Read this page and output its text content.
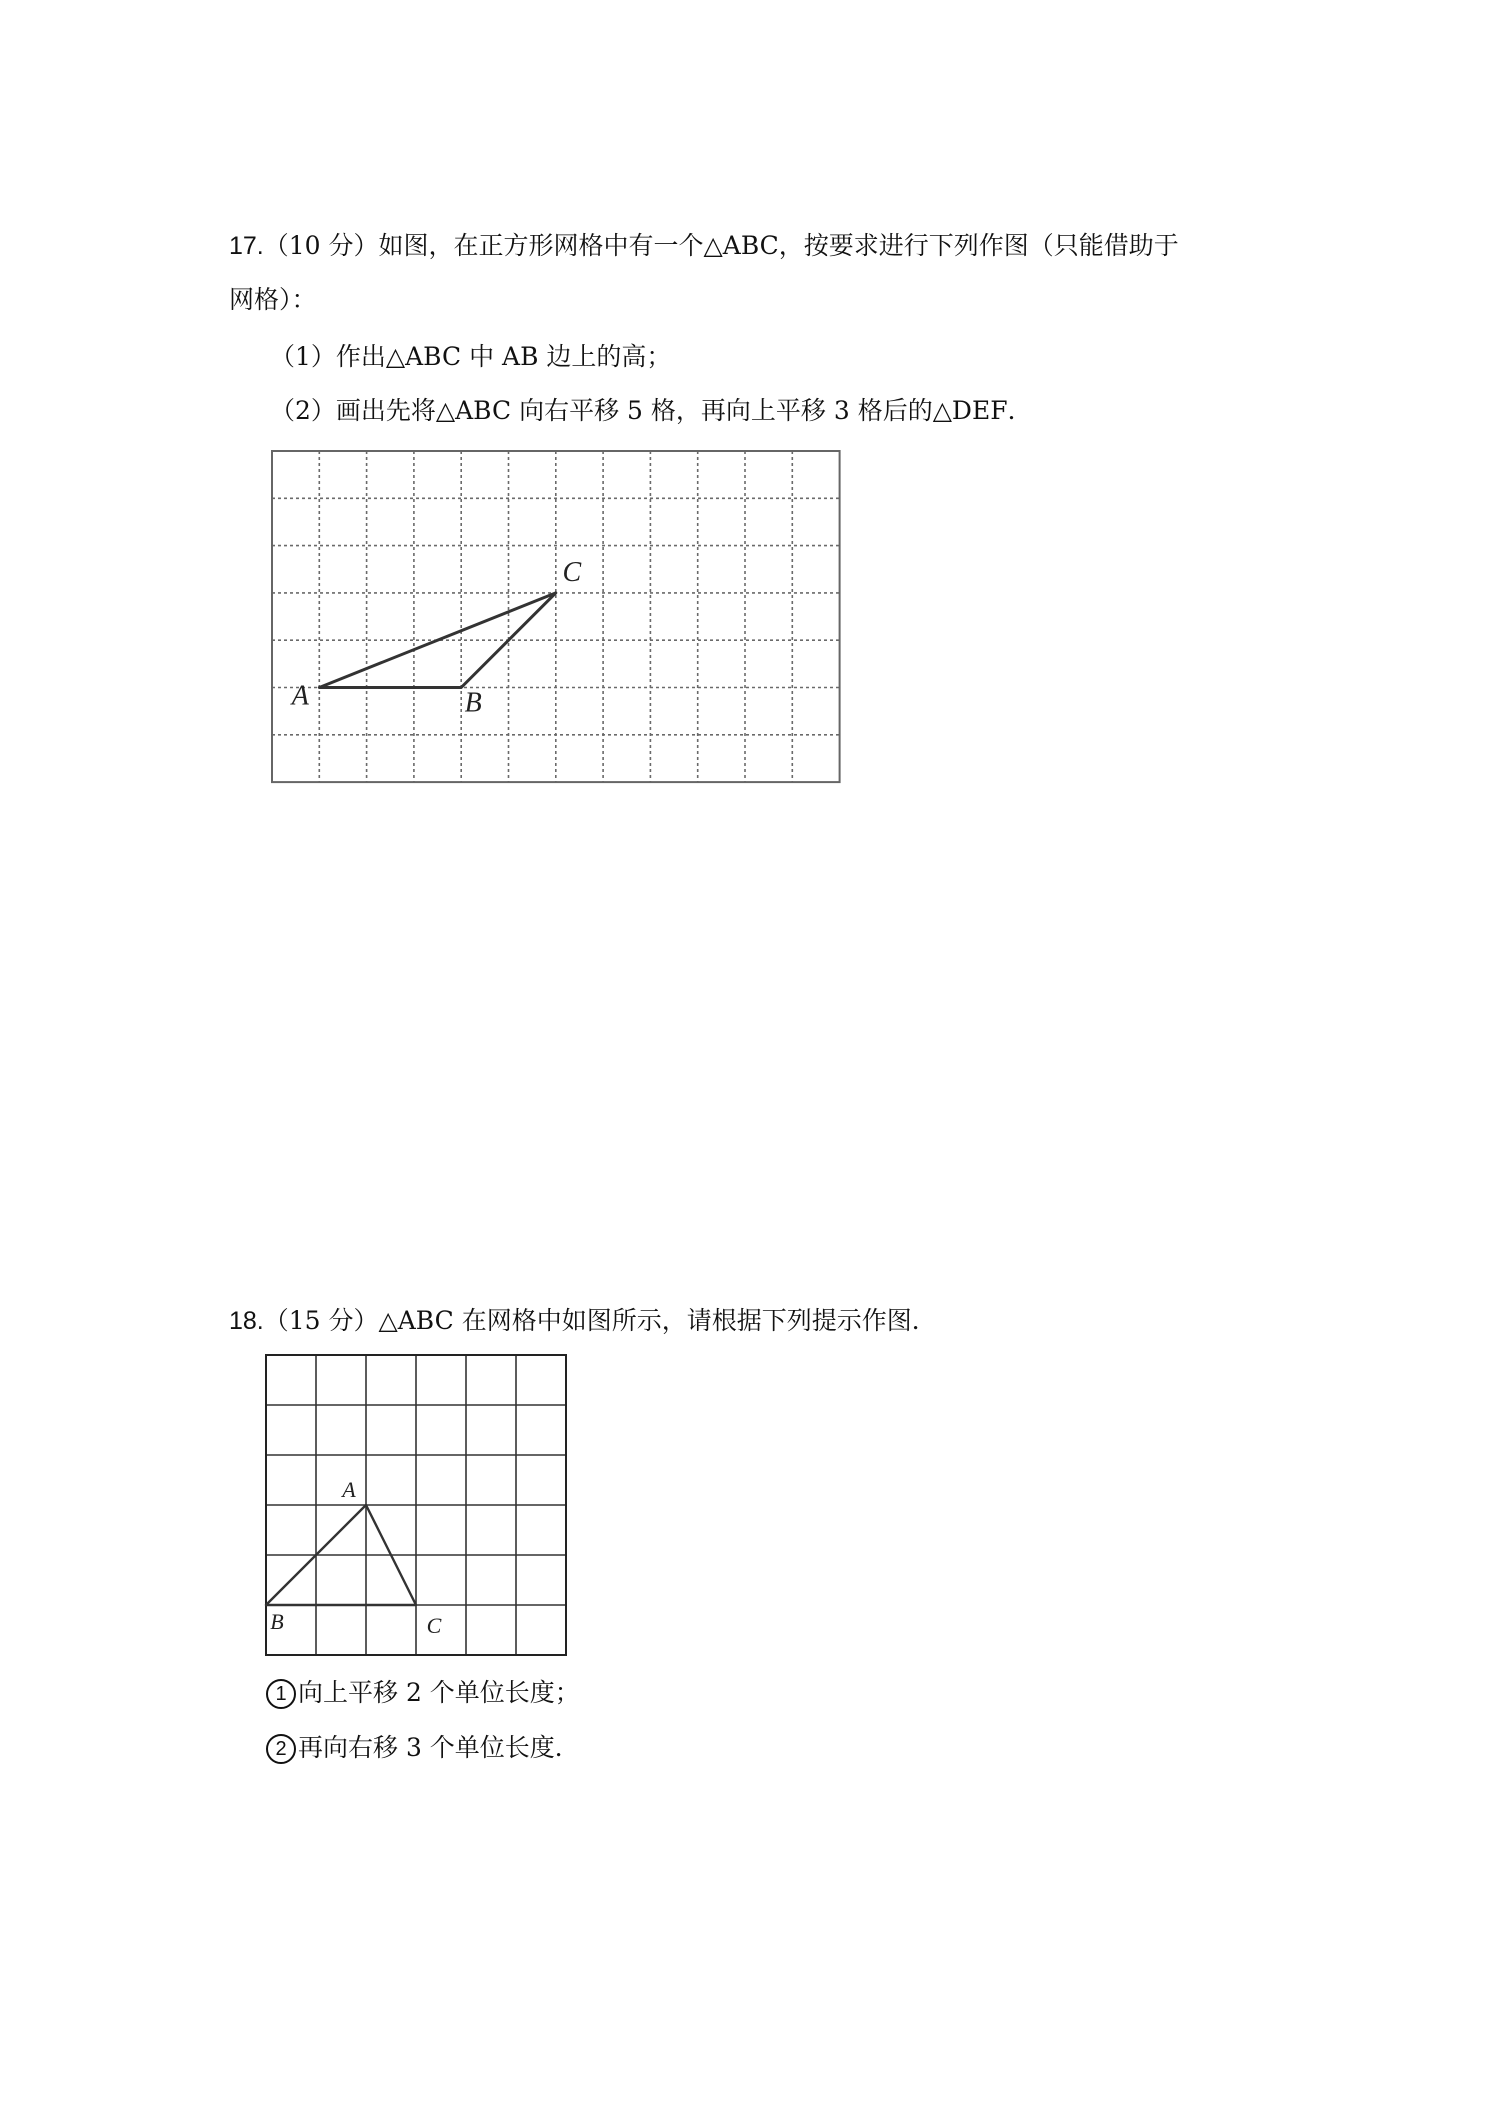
17.（10 分）如图，在正方形网格中有一个△ABC，按要求进行下列作图（只能借助于
网格）：
（1）作出△ABC 中 AB 边上的高；
（2）画出先将△ABC 向右平移 5 格，再向上平移 3 格后的△DEF．
A	B
C
18.（15 分）△ABC 在网格中如图所示，请根据下列提示作图．
A
B	C
1 向上平移 2 个单位长度；
2 再向右移 3 个单位长度．
